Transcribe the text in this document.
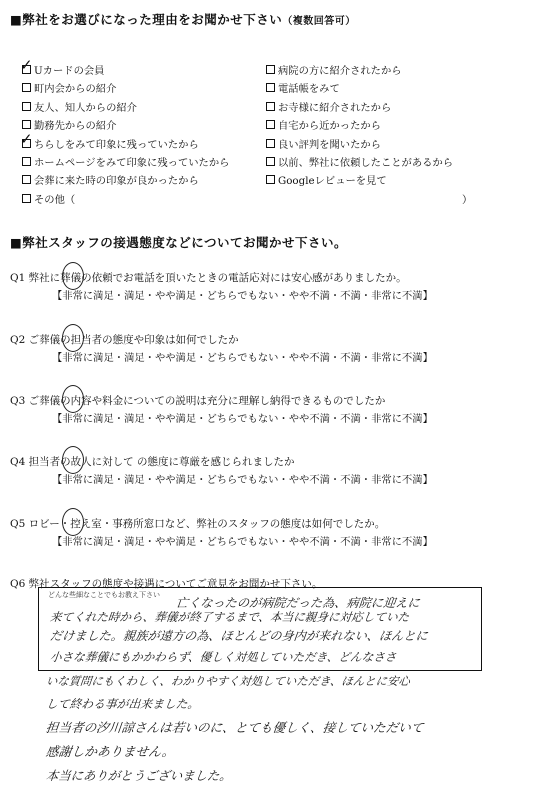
■弊社をお選びになった理由をお聞かせ下さい（複数回答可）
✓ Uカードの会員
町内会からの紹介
友人、知人からの紹介
勤務先からの紹介
✓ ちらしをみて印象に残っていたから
ホームページをみて印象に残っていたから
会葬に来た時の印象が良かったから
その他（
病院の方に紹介されたから
電話帳をみて
お寺様に紹介されたから
自宅から近かったから
良い評判を聞いたから
以前、弊社に依頼したことがあるから
Googleレビューを見て
）
■弊社スタッフの接遇態度などについてお聞かせ下さい。
Q1 弊社に葬儀の依頼でお電話を頂いたときの電話応対には安心感がありましたか。
【非常に満足・満足・やや満足・どちらでもない・やや不満・不満・非常に不満】
Q2 ご葬儀の担当者の態度や印象は如何でしたか
【非常に満足・満足・やや満足・どちらでもない・やや不満・不満・非常に不満】
Q3 ご葬儀の内容や料金についての説明は充分に理解し納得できるものでしたか
【非常に満足・満足・やや満足・どちらでもない・やや不満・不満・非常に不満】
Q4 担当者の故人に対して の態度に尊厳を感じられましたか
【非常に満足・満足・やや満足・どちらでもない・やや不満・不満・非常に不満】
Q5 ロビー・控え室・事務所窓口など、弊社のスタッフの態度は如何でしたか。
【非常に満足・満足・やや満足・どちらでもない・やや不満・不満・非常に不満】
Q6 弊社スタッフの態度や接遇についてご意見をお聞かせ下さい。
どんな些細なことでもお教え下さい
亡くなったのが病院だった為、病院に迎えに
来てくれた時から、葬儀が終了するまで、本当に親身に対応していた
だけました。親族が遠方の為、ほとんどの身内が来れない、ほんとに
小さな葬儀にもかかわらず、優しく対処していただき、どんなささ
いな質問にもくわしく、わかりやすく対処していただき、ほんとに安心
して終わる事が出来ました。
担当者の汐川諒さんは若いのに、とても優しく、接していただいて
感謝しかありません。
本当にありがとうございました。
